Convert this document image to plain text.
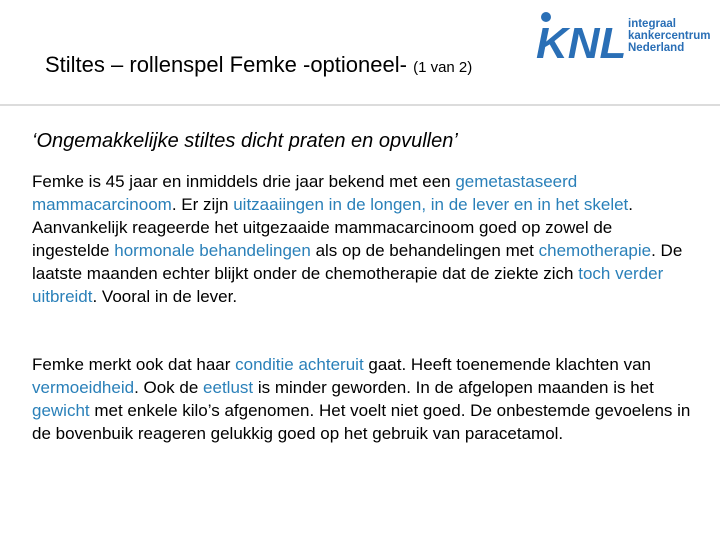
Stiltes – rollenspel Femke -optioneel- (1 van 2) KNL integraal
kankercentrum
Nederland
‘Ongemakkelijke stiltes dicht praten en opvullen’
Femke is 45 jaar en inmiddels drie jaar bekend met een gemetastaseerd mammacarcinoom. Er zijn uitzaaiingen in de longen, in de lever en in het skelet. Aanvankelijk reageerde het uitgezaaide mammacarcinoom goed op zowel de ingestelde hormonale behandelingen als op de behandelingen met chemotherapie. De laatste maanden echter blijkt onder de chemotherapie dat de ziekte zich toch verder uitbreidt. Vooral in de lever.
Femke merkt ook dat haar conditie achteruit gaat. Heeft toenemende klachten van vermoeidheid. Ook de eetlust is minder geworden. In de afgelopen maanden is het gewicht met enkele kilo’s afgenomen. Het voelt niet goed. De onbestemde gevoelens in de bovenbuik reageren gelukkig goed op het gebruik van paracetamol.
